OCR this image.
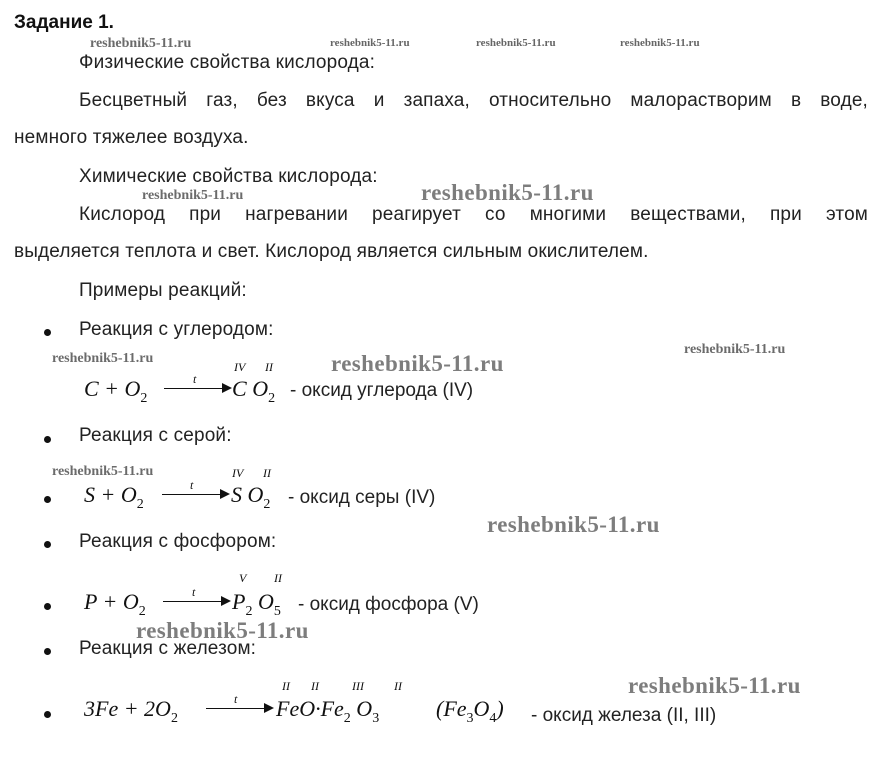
Задание 1.
Физические свойства кислорода:
Бесцветный газ, без вкуса и запаха, относительно малорастворим в воде,
немного тяжелее воздуха.
Химические свойства кислорода:
Кислород при нагревании реагирует со многими веществами, при этом
выделяется теплота и свет. Кислород является сильным окислителем.
Примеры реакций:
Реакция с углеродом:
$C + O_2$
t
IV II
C $O_2$ - оксид углерода (IV)
Реакция с серой:
$S + O_2$
t
IV II
S $O_2$ - оксид серы (IV)
Реакция с фосфором:
$P + O_2$
t
V II
$P_2$ $O_5$ - оксид фосфора (V)
Реакция с железом:
$3Fe + 2O_2$
t
II II	III	II
$FeO\cdot Fe_2$ $O_3$	$(Fe_3O_4)$ - оксид железа (II, III)
reshebnik5-11.ru	reshebnik5-11.ru	reshebnik5-11.ru	reshebnik5-11.ru
reshebnik5-11.ru	reshebnik5-11.ru
reshebnik5-11.ru	reshebnik5-11.ru
reshebnik5-11.ru
reshebnik5-11.ru
reshebnik5-11.ru
reshebnik5-11.ru
reshebnik5-11.ru
